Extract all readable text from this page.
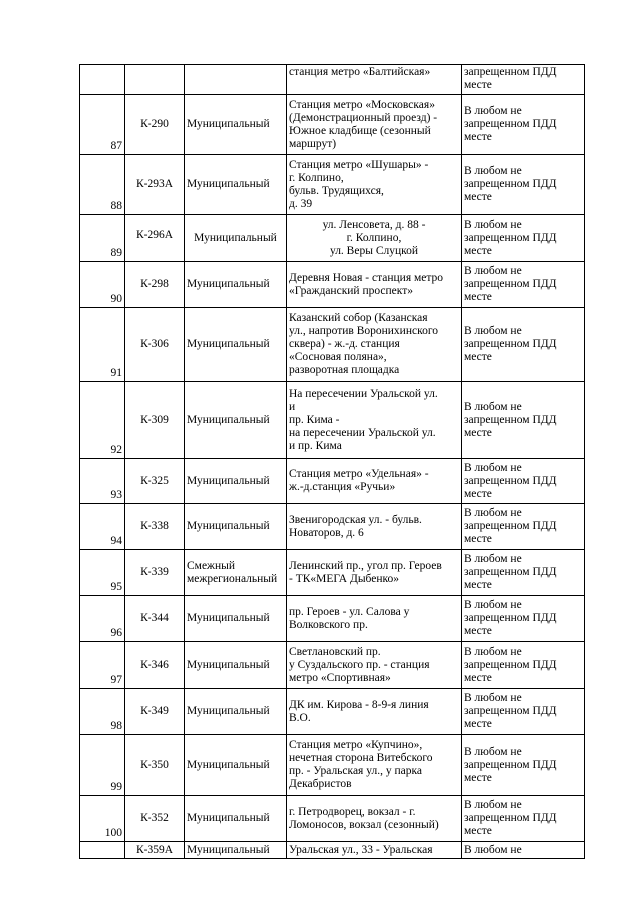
			станция метро «Балтийская»	запрещенном ПДД
месте
87	К-290	Муниципальный	Станция метро «Московская»
(Демонстрационный проезд) -
Южное кладбище (сезонный
маршрут)	В любом не
запрещенном ПДД
месте
88	К-293А	Муниципальный	Станция метро «Шушары» -
г. Колпино,
бульв. Трудящихся,
д. 39	В любом не
запрещенном ПДД
месте
89	К-296А	Муниципальный	ул. Ленсовета, д. 88 -
г. Колпино,
ул. Веры Слуцкой	В любом не
запрещенном ПДД
месте
90	К-298	Муниципальный	Деревня Новая - станция метро
«Гражданский проспект»	В любом не
запрещенном ПДД
месте
91	К-306	Муниципальный	Казанский собор (Казанская
ул., напротив Воронихинского
сквера) - ж.-д. станция
«Сосновая поляна»,
разворотная площадка	В любом не
запрещенном ПДД
месте
92	К-309	Муниципальный	На пересечении Уральской ул.
и
пр. Кима -
на пересечении Уральской ул.
и пр. Кима	В любом не
запрещенном ПДД
месте
93	К-325	Муниципальный	Станция метро «Удельная» -
ж.-д.станция «Ручьи»	В любом не
запрещенном ПДД
месте
94	К-338	Муниципальный	Звенигородская ул. - бульв.
Новаторов, д. 6	В любом не
запрещенном ПДД
месте
95	К-339	Смежный
межрегиональный	Ленинский пр., угол пр. Героев
- ТК«МЕГА Дыбенко»	В любом не
запрещенном ПДД
месте
96	К-344	Муниципальный	пр. Героев - ул. Салова у
Волковского пр.	В любом не
запрещенном ПДД
месте
97	К-346	Муниципальный	Светлановский пр.
у Суздальского пр. - станция
метро «Спортивная»	В любом не
запрещенном ПДД
месте
98	К-349	Муниципальный	ДК им. Кирова - 8-9-я линия
В.О.	В любом не
запрещенном ПДД
месте
99	К-350	Муниципальный	Станция метро «Купчино»,
нечетная сторона Витебского
пр. - Уральская ул., у парка
Декабристов	В любом не
запрещенном ПДД
месте
100	К-352	Муниципальный	г. Петродворец, вокзал - г.
Ломоносов, вокзал (сезонный)	В любом не
запрещенном ПДД
месте
	К-359А	Муниципальный	Уральская ул., 33 - Уральская	В любом не
